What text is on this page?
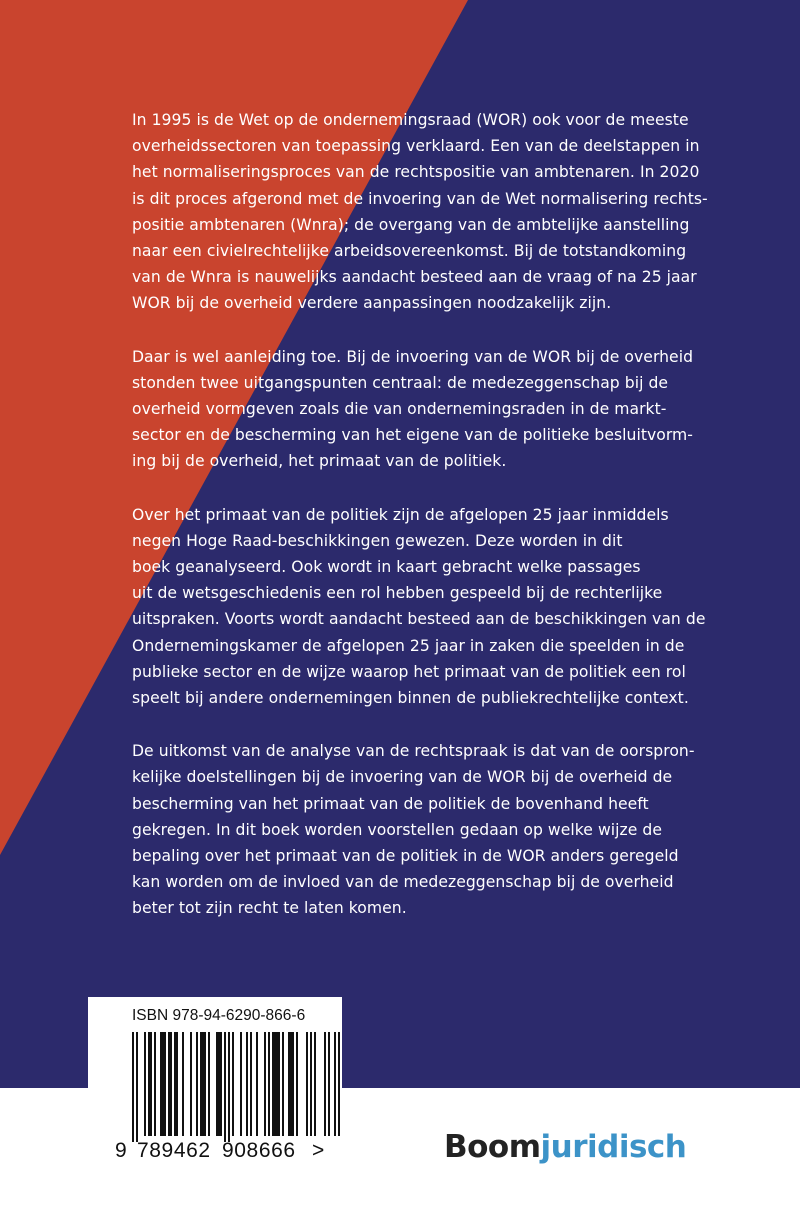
In 1995 is de Wet op de ondernemingsraad (WOR) ook voor de meeste
overheidssectoren van toepassing verklaard. Een van de deelstappen in
het normaliseringsproces van de rechtspositie van ambtenaren. In 2020
is dit proces afgerond met de invoering van de Wet normalisering rechts-
positie ambtenaren (Wnra); de overgang van de ambtelijke aanstelling
naar een civielrechtelijke arbeidsovereenkomst. Bij de totstandkoming
van de Wnra is nauwelijks aandacht besteed aan de vraag of na 25 jaar
WOR bij de overheid verdere aanpassingen noodzakelijk zijn.

Daar is wel aanleiding toe. Bij de invoering van de WOR bij de overheid
stonden twee uitgangspunten centraal: de medezeggenschap bij de
overheid vormgeven zoals die van ondernemingsraden in de markt-
sector en de bescherming van het eigene van de politieke besluitvorm-
ing bij de overheid, het primaat van de politiek.

Over het primaat van de politiek zijn de afgelopen 25 jaar inmiddels
negen Hoge Raad-beschikkingen gewezen. Deze worden in dit
boek geanalyseerd. Ook wordt in kaart gebracht welke passages
uit de wetsgeschiedenis een rol hebben gespeeld bij de rechterlijke
uitspraken. Voorts wordt aandacht besteed aan de beschikkingen van de
Ondernemingskamer de afgelopen 25 jaar in zaken die speelden in de
publieke sector en de wijze waarop het primaat van de politiek een rol
speelt bij andere ondernemingen binnen de publiekrechtelijke context.

De uitkomst van de analyse van de rechtspraak is dat van de oorspron-
kelijke doelstellingen bij de invoering van de WOR bij de overheid de
bescherming van het primaat van de politiek de bovenhand heeft
gekregen. In dit boek worden voorstellen gedaan op welke wijze de
bepaling over het primaat van de politiek in de WOR anders geregeld
kan worden om de invloed van de medezeggenschap bij de overheid
beter tot zijn recht te laten komen.

ISBN 978-94-6290-866-6
9 789462 908666 >	Boomjuridisch
